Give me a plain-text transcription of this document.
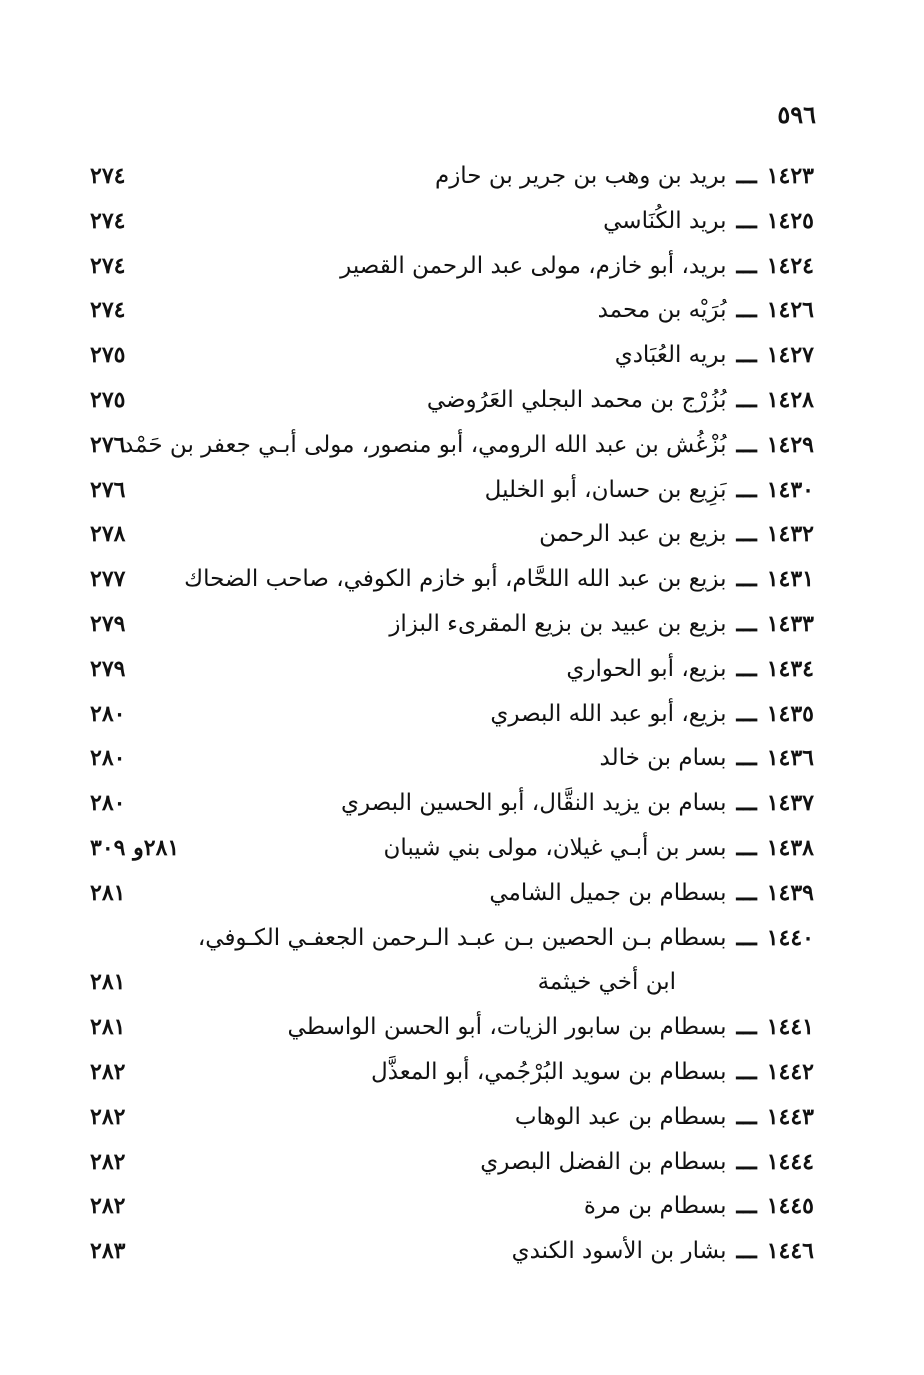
٥٩٦
١٤٢٣ـــبريد بن وهب بن جرير بن حازم
٢٧٤
١٤٢٥ـــبريد الكُنَاسي
٢٧٤
١٤٢٤ـــبريد، أبو خازم، مولى عبد الرحمن القصير
٢٧٤
١٤٢٦ـــبُرَيْه بن محمد
٢٧٤
١٤٢٧ـــبريه العُبَادي
٢٧٥
١٤٢٨ـــبُزُرْج بن محمد البجلي العَرُوضي
٢٧٥
١٤٢٩ـــبُزْغُش بن عبد الله الرومي، أبو منصور، مولى أبـي جعفر بن حَمْد
٢٧٦
١٤٣٠ـــبَزِيع بن حسان، أبو الخليل
٢٧٦
١٤٣٢ـــبزيع بن عبد الرحمن
٢٧٨
١٤٣١ـــبزيع بن عبد الله اللحَّام، أبو خازم الكوفي، صاحب الضحاك
٢٧٧
١٤٣٣ـــبزيع بن عبيد بن بزيع المقرىء البزاز
٢٧٩
١٤٣٤ـــبزيع، أبو الحواري
٢٧٩
١٤٣٥ـــبزيع، أبو عبد الله البصري
٢٨٠
١٤٣٦ـــبسام بن خالد
٢٨٠
١٤٣٧ـــبسام بن يزيد النقَّال، أبو الحسين البصري
٢٨٠
١٤٣٨ـــبسر بن أبـي غيلان، مولى بني شيبان
٢٨١و ٣٠٩
١٤٣٩ـــبسطام بن جميل الشامي
٢٨١
١٤٤٠ـــبسطام بـن الحصين بـن عبـد الـرحمن الجعفـي الكـوفي،
ابن أخي خيثمة
٢٨١
١٤٤١ـــبسطام بن سابور الزيات، أبو الحسن الواسطي
٢٨١
١٤٤٢ـــبسطام بن سويد البُرْجُمي، أبو المعذَّل
٢٨٢
١٤٤٣ـــبسطام بن عبد الوهاب
٢٨٢
١٤٤٤ـــبسطام بن الفضل البصري
٢٨٢
١٤٤٥ـــبسطام بن مرة
٢٨٢
١٤٤٦ـــبشار بن الأسود الكندي
٢٨٣
